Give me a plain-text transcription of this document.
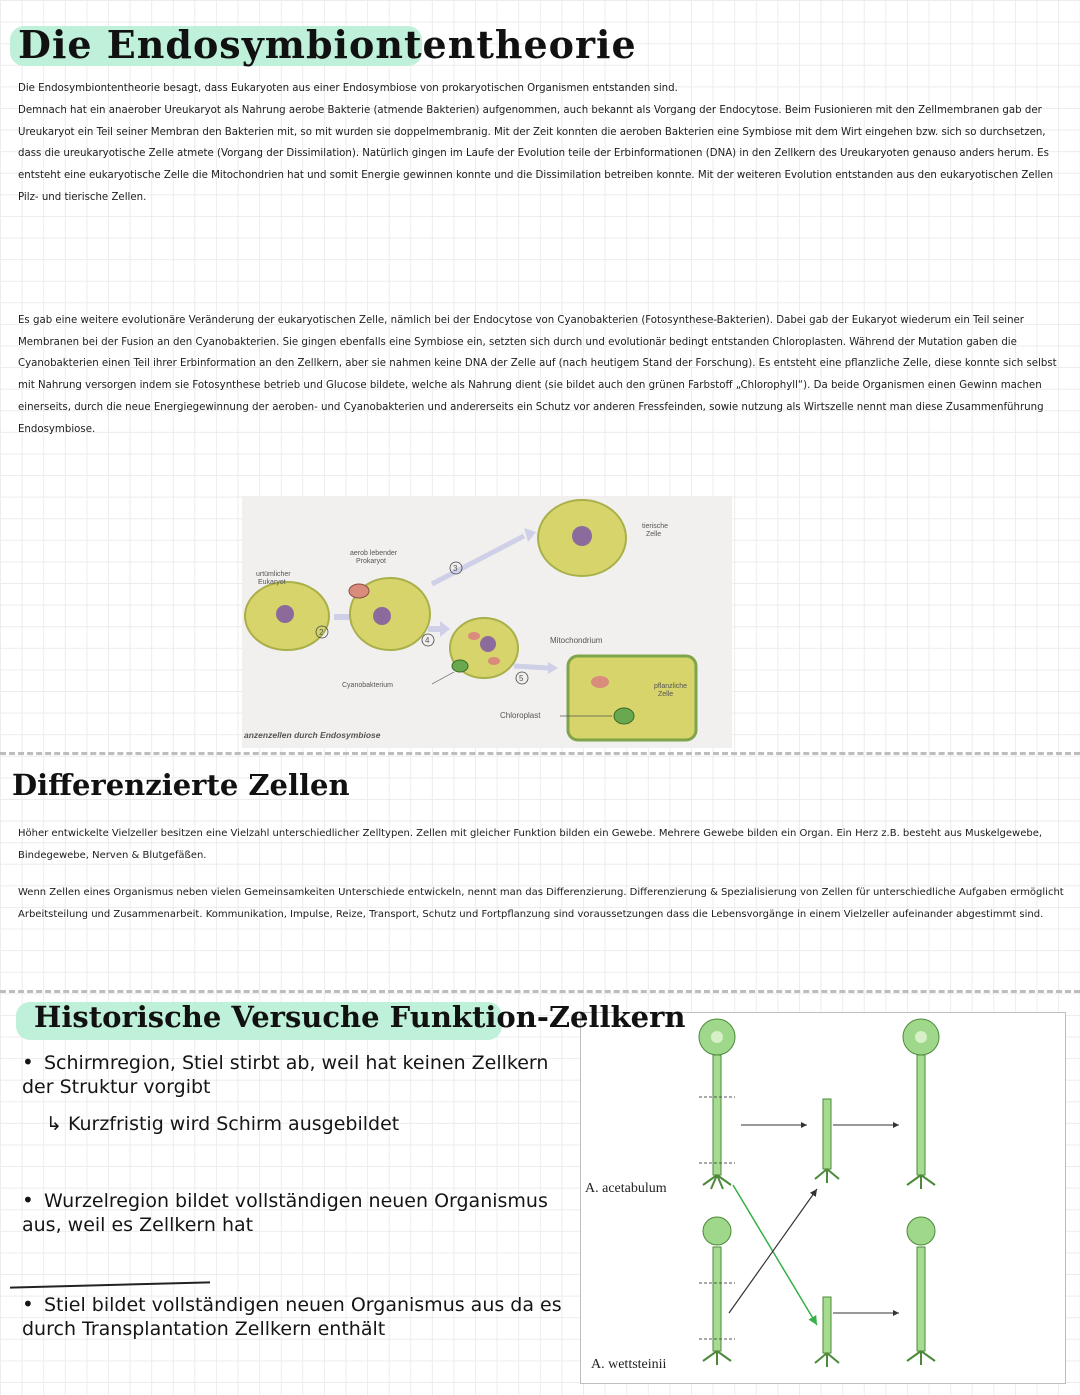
Die Endosymbiontentheorie

Die Endosymbiontentheorie besagt, dass Eukaryoten aus einer Endosymbiose von prokaryotischen Organismen entstanden sind.

Demnach hat ein anaerober Ureukaryot als Nahrung aerobe Bakterie (atmende Bakterien) aufgenommen, auch bekannt als Vorgang der Endocytose. Beim Fusionieren mit den Zellmembranen gab der Ureukaryot ein Teil seiner Membran den Bakterien mit, so mit wurden sie doppelmembranig. Mit der Zeit konnten die aeroben Bakterien eine Symbiose mit dem Wirt eingehen bzw. sich so durchsetzen, dass die ureukaryotische Zelle atmete (Vorgang der Dissimilation). Natürlich gingen im Laufe der Evolution teile der Erbinformationen (DNA) in den Zellkern des Ureukaryoten genauso anders herum. Es entsteht eine eukaryotische Zelle die Mitochondrien hat und somit Energie gewinnen konnte und die Dissimilation betreiben konnte. Mit der weiteren Evolution entstanden aus den eukaryotischen Zellen Pilz- und tierische Zellen.

Es gab eine weitere evolutionäre Veränderung der eukaryotischen Zelle, nämlich bei der Endocytose von Cyanobakterien (Fotosynthese-Bakterien). Dabei gab der Eukaryot wiederum ein Teil seiner Membranen bei der Fusion an den Cyanobakterien. Sie gingen ebenfalls eine Symbiose ein, setzten sich durch und evolutionär bedingt entstanden Chloroplasten. Während der Mutation gaben die Cyanobakterien einen Teil ihrer Erbinformation an den Zellkern, aber sie nahmen keine DNA der Zelle auf (nach heutigem Stand der Forschung). Es entsteht eine pflanzliche Zelle, diese konnte sich selbst mit Nahrung versorgen indem sie Fotosynthese betrieb und Glucose bildete, welche als Nahrung dient (sie bildet auch den grünen Farbstoff „Chlorophyll“). Da beide Organismen einen Gewinn machen einerseits, durch die neue Energiegewinnung der aeroben- und Cyanobakterien und andererseits ein Schutz vor anderen Fressfeinden, sowie nutzung als Wirtszelle nennt man diese Zusammenführung Endosymbiose.

urtümlicher
Eukaryot
2
aerob lebender
Prokaryot
3
4
Cyanobakterium
5
tierische
Zelle
Mitochondrium
Chloroplast
pflanzliche
Zelle
anzenzellen durch Endosymbiose
Differenzierte Zellen

Höher entwickelte Vielzeller besitzen eine Vielzahl unterschiedlicher Zelltypen. Zellen mit gleicher Funktion bilden ein Gewebe. Mehrere Gewebe bilden ein Organ. Ein Herz z.B. besteht aus Muskelgewebe, Bindegewebe, Nerven & Blutgefäßen.

Wenn Zellen eines Organismus neben vielen Gemeinsamkeiten Unterschiede entwickeln, nennt man das Differenzierung. Differenzierung & Spezialisierung von Zellen für unterschiedliche Aufgaben ermöglicht Arbeitsteilung und Zusammenarbeit. Kommunikation, Impulse, Reize, Transport, Schutz und Fortpflanzung sind voraussetzungen dass die Lebensvorgänge in einem Vielzeller aufeinander abgestimmt sind.

Historische Versuche Funktion-Zellkern

• Schirmregion, Stiel stirbt ab, weil hat keinen Zellkern der Struktur vorgibt

↳ Kurzfristig wird Schirm ausgebildet

• Wurzelregion bildet vollständigen neuen Organismus aus, weil es Zellkern hat

• Stiel bildet vollständigen neuen Organismus aus da es durch Transplantation Zellkern enthält

A. acetabulum
A. wettsteinii
